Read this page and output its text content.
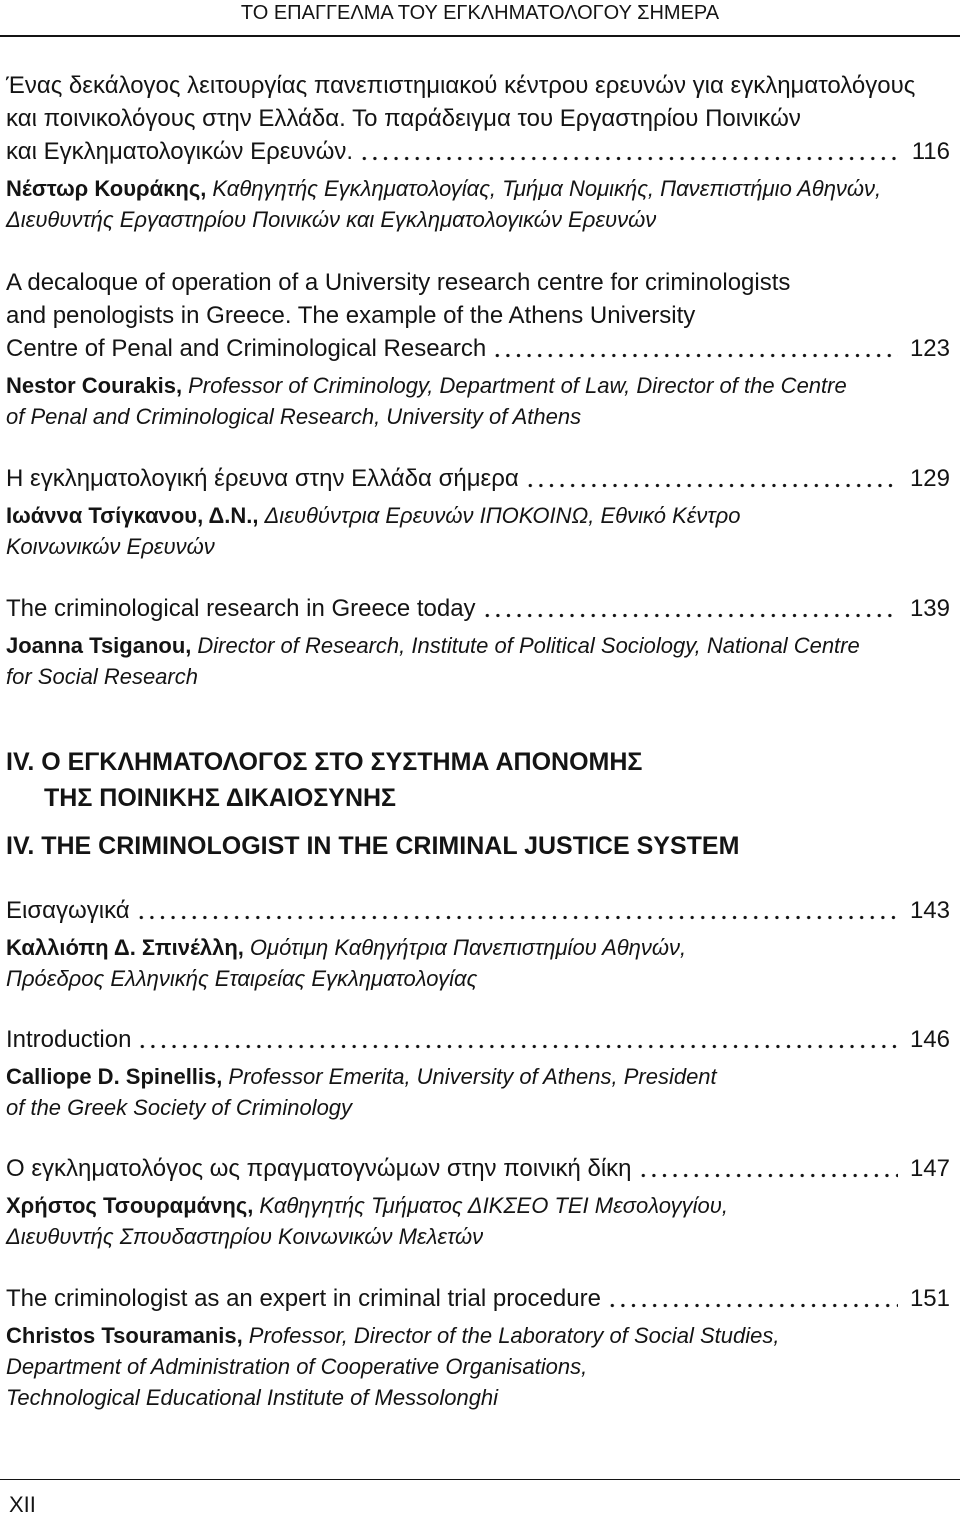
ΤΟ ΕΠΑΓΓΕΛΜΑ ΤΟΥ ΕΓΚΛΗΜΑΤΟΛΟΓΟΥ ΣΗΜΕΡΑ
Ένας δεκάλογος λειτουργίας πανεπιστημιακού κέντρου ερευνών για εγκληματολόγους
και ποινικολόγους στην Ελλάδα. Το παράδειγμα του Εργαστηρίου Ποινικών
και Εγκληματολογικών Ερευνών.	116
Νέστωρ Κουράκης, Καθηγητής Εγκληματολογίας, Τμήμα Νομικής, Πανεπιστήμιο Αθηνών,
Διευθυντής Εργαστηρίου Ποινικών και Εγκληματολογικών Ερευνών
A decaloque of operation of a University research centre for criminologists
and penologists in Greece. The example of the Athens University
Centre of Penal and Criminological Research	123
Nestor Courakis, Professor of Criminology, Department of Law, Director of the Centre
of Penal and Criminological Research, University of Athens
Η εγκληματολογική έρευνα στην Ελλάδα σήμερα	129
Ιωάννα Τσίγκανου, Δ.Ν., Διευθύντρια Ερευνών ΙΠΟΚΟΙΝΩ, Εθνικό Κέντρο
Κοινωνικών Ερευνών
The criminological research in Greece today	139
Joanna Tsiganou, Director of Research, Institute of Political Sociology, National Centre
for Social Research
IV. Ο ΕΓΚΛΗΜΑΤΟΛΟΓΟΣ ΣΤΟ ΣΥΣΤΗΜΑ ΑΠΟΝΟΜΗΣ
ΤΗΣ ΠΟΙΝΙΚΗΣ ΔΙΚΑΙΟΣΥΝΗΣ
IV. THE CRIMINOLOGIST IN THE CRIMINAL JUSTICE SYSTEM
Εισαγωγικά	143
Καλλιόπη Δ. Σπινέλλη, Ομότιμη Καθηγήτρια Πανεπιστημίου Αθηνών,
Πρόεδρος Ελληνικής Εταιρείας Εγκληματολογίας
Introduction	146
Calliope D. Spinellis, Professor Emerita, University of Athens, President
of the Greek Society of Criminology
Ο εγκληματολόγος ως πραγματογνώμων στην ποινική δίκη	147
Χρήστος Τσουραμάνης, Καθηγητής Τμήματος ΔΙΚΣΕΟ ΤΕΙ Μεσολογγίου,
Διευθυντής Σπουδαστηρίου Κοινωνικών Μελετών
The criminologist as an expert in criminal trial procedure	151
Christos Tsouramanis, Professor, Director of the Laboratory of Social Studies,
Department of Administration of Cooperative Organisations,
Technological Educational Institute of Messolonghi
XII
